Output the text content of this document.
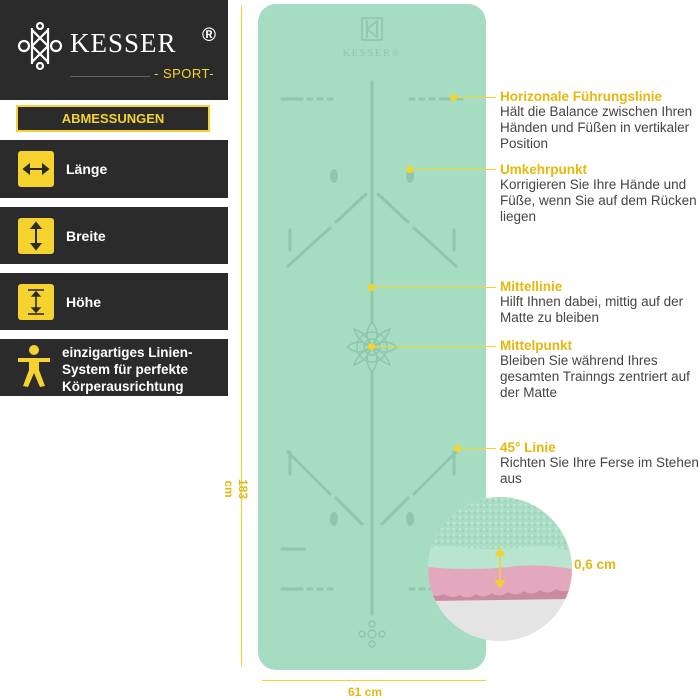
KESSER ®
- SPORT-
ABMESSUNGEN
Länge
Breite
Höhe
einzigartiges Linien-System für perfekte Körperausrichtung
183 cm
61 cm
KESSER®
Horizonale Führungslinie
Hält die Balance zwischen Ihren Händen und Füßen in vertikaler Position
Umkehrpunkt
Korrigieren Sie Ihre Hände und Füße, wenn Sie auf dem Rücken liegen
Mittellinie
Hilft Ihnen dabei, mittig auf der Matte zu bleiben
Mittelpunkt
Bleiben Sie während Ihres gesamten Trainngs zentriert auf der Matte
45° Linie
Richten Sie Ihre Ferse im Stehen aus
0,6 cm
